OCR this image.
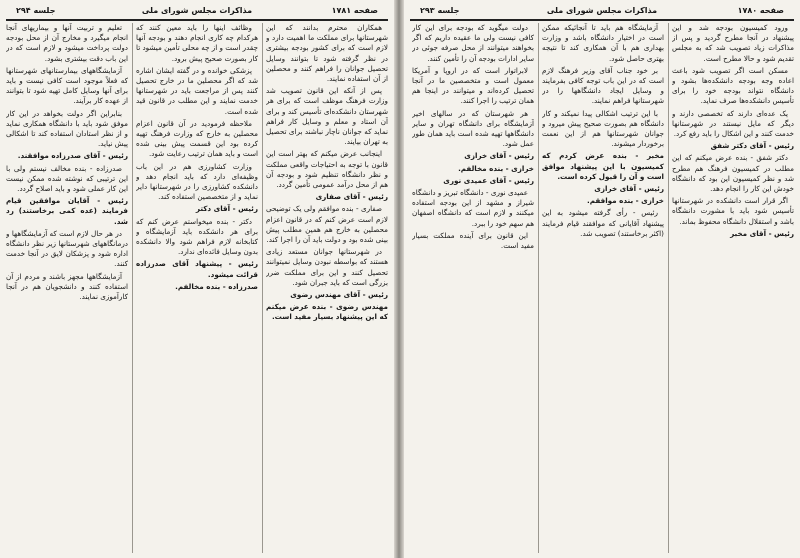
صفحه ۱۷۸۱
مذاکرات مجلس شورای ملی
جلسه ۲۹۴

همکاران محترم بدانند که این شهرستانها برای مملکت ما اهمیت دارد و لازم است که برای کشور بودجه بیشتری در نظر گرفته شود تا بتوانند وسایل تحصیل جوانان را فراهم کنند و محصلین از آن استفاده نمایند.

پس از آنکه این قانون تصویب شد وزارت فرهنگ موظف است که برای هر شهرستان دانشکده‌ای تأسیس کند و برای آن استاد و معلم و وسایل کار فراهم نماید که جوانان ناچار نباشند برای تحصیل به تهران بیایند.

اینجانب عرض میکنم که بهتر است این قانون با توجه به احتیاجات واقعی مملکت و نظر دانشگاه تنظیم شود و بودجه آن هم از محل درآمد عمومی تأمین گردد.

رئیس - آقای صفاری

صفاری - بنده موافقم ولی یک توضیحی لازم است عرض کنم که در قانون اعزام محصلین به خارج هم همین مطلب پیش بینی شده بود و دولت باید آن را اجرا کند.

در شهرستانها جوانان مستعد زیادی هستند که بواسطه نبودن وسایل نمیتوانند تحصیل کنند و این برای مملکت ضرر بزرگی است که باید جبران شود.

رئیس - آقای مهندس رضوی

مهندس رضوی - بنده عرض میکنم که این پیشنهاد بسیار مفید است.

وظائف اینها را باید معین کنند که هرکدام چه کاری انجام دهند و بودجه آنها چقدر است و از چه محلی تأمین میشود تا کار بصورت صحیح پیش برود.

پزشکی خوانده و در گفته ایشان اشاره شد که اگر محصلین ما در خارج تحصیل کنند پس از مراجعت باید در شهرستانها خدمت نمایند و این مطلب در قانون قید شده است.

ملاحظه فرمودید در آن قانون اعزام محصلین به خارج که وزارت فرهنگ تهیه کرده بود این قسمت پیش بینی شده است و باید همان ترتیب رعایت شود.

وزارت کشاورزی هم در این باب وظیفه‌ای دارد که باید انجام دهد و دانشکده کشاورزی را در شهرستانها دایر نماید و از متخصصین استفاده کند.

رئیس - آقای دکتر

دکتر - بنده میخواستم عرض کنم که برای هر دانشکده باید آزمایشگاه و کتابخانه لازم فراهم شود والا دانشکده بدون وسایل فائده‌ای ندارد.

رئیس - پیشنهاد آقای صدرزاده قرائت میشود.

صدرزاده - بنده مخالفم.

تعلیم و تربیت آنها و بیماریهای آنجا انجام میگیرد و مخارج آن از محل بودجه دولت پرداخت میشود و لازم است که در این باب دقت بیشتری بشود.

آزمایشگاههای بیمارستانهای شهرستانها که فعلاً موجود است کافی نیست و باید برای آنها وسایل کامل تهیه شود تا بتوانند از عهده کار برآیند.

بنابراین اگر دولت بخواهد در این کار موفق شود باید با دانشگاه همکاری نماید و از نظر استادان استفاده کند تا اشکالی پیش نیاید.

رئیس - آقای صدرزاده موافقند.

صدرزاده - بنده مخالف نیستم ولی با این ترتیبی که نوشته شده ممکن نیست این کار عملی شود و باید اصلاح گردد.

رئیس - آقایان موافقین قیام فرمایند (عده کمی برخاستند) رد شد.

در هر حال لازم است که آزمایشگاهها و درمانگاههای شهرستانها زیر نظر دانشگاه اداره شود و پزشکان لایق در آنجا خدمت کنند.

آزمایشگاهها مجهز باشند و مردم از آن استفاده کنند و دانشجویان هم در آنجا کارآموزی نمایند.

صفحه ۱۷۸۰
مذاکرات مجلس شورای ملی
جلسه ۲۹۳

ورود کمیسیون بودجه شد و این پیشنهاد در آنجا مطرح گردید و پس از مذاکرات زیاد تصویب شد که به مجلس تقدیم شود و حالا مطرح است.

مسکن است اگر تصویب شود باعث اعاده وجه بودجه دانشکده‌ها بشود و دانشگاه نتواند بودجه خود را برای تأسیس دانشکده‌ها صرف نماید.

یک عده‌ای دارند که تخصصی دارند و دیگر که مایل نیستند در شهرستانها خدمت کنند و این اشکال را باید رفع کرد.

رئیس - آقای دکتر شفق

دکتر شفق - بنده عرض میکنم که این مطلب در کمیسیون فرهنگ هم مطرح شد و نظر کمیسیون این بود که دانشگاه خودش این کار را انجام دهد.

اگر قرار است دانشکده در شهرستانها تأسیس شود باید با مشورت دانشگاه باشد و استقلال دانشگاه محفوظ بماند.

رئیس - آقای مخبر

آزمایشگاه هم باید تا آنجائیکه ممکن است در اختیار دانشگاه باشد و وزارت بهداری هم با آن همکاری کند تا نتیجه بهتری حاصل شود.

بر خود جناب آقای وزیر فرهنگ لازم است که در این باب توجه کافی بفرمایند و وسایل ایجاد دانشگاهها را در شهرستانها فراهم نمایند.

با این ترتیب اشکالی پیدا نمیکند و کار دانشگاه هم بصورت صحیح پیش میرود و جوانان شهرستانها هم از این نعمت برخوردار میشوند.

مخبر - بنده عرض کردم که کمیسیون با این پیشنهاد موافق است و آن را قبول کرده است.

رئیس - آقای خرازی

خرازی - بنده موافقم.

رئیس - رأی گرفته میشود به این پیشنهاد آقایانی که موافقند قیام فرمایند (اکثر برخاستند) تصویب شد.

دولت میگوید که بودجه برای این کار کافی نیست ولی ما عقیده داریم که اگر بخواهند میتوانند از محل صرفه جوئی در سایر ادارات بودجه آن را تأمین کنند.

لابراتوار است که در اروپا و آمریکا معمول است و متخصصین ما در آنجا تحصیل کرده‌اند و میتوانند در اینجا هم همان ترتیب را اجرا کنند.

هر شهرستان که در سالهای اخیر آزمایشگاه برای دانشگاه تهران و سایر دانشگاهها تهیه شده است باید همان طور عمل شود.

رئیس - آقای خرازی

خرازی - بنده مخالفم.

رئیس - آقای عمیدی نوری

عمیدی نوری - دانشگاه تبریز و دانشگاه شیراز و مشهد از این بودجه استفاده میکنند و لازم است که دانشگاه اصفهان هم سهم خود را ببرد.

این قانون برای آینده مملکت بسیار مفید است.
